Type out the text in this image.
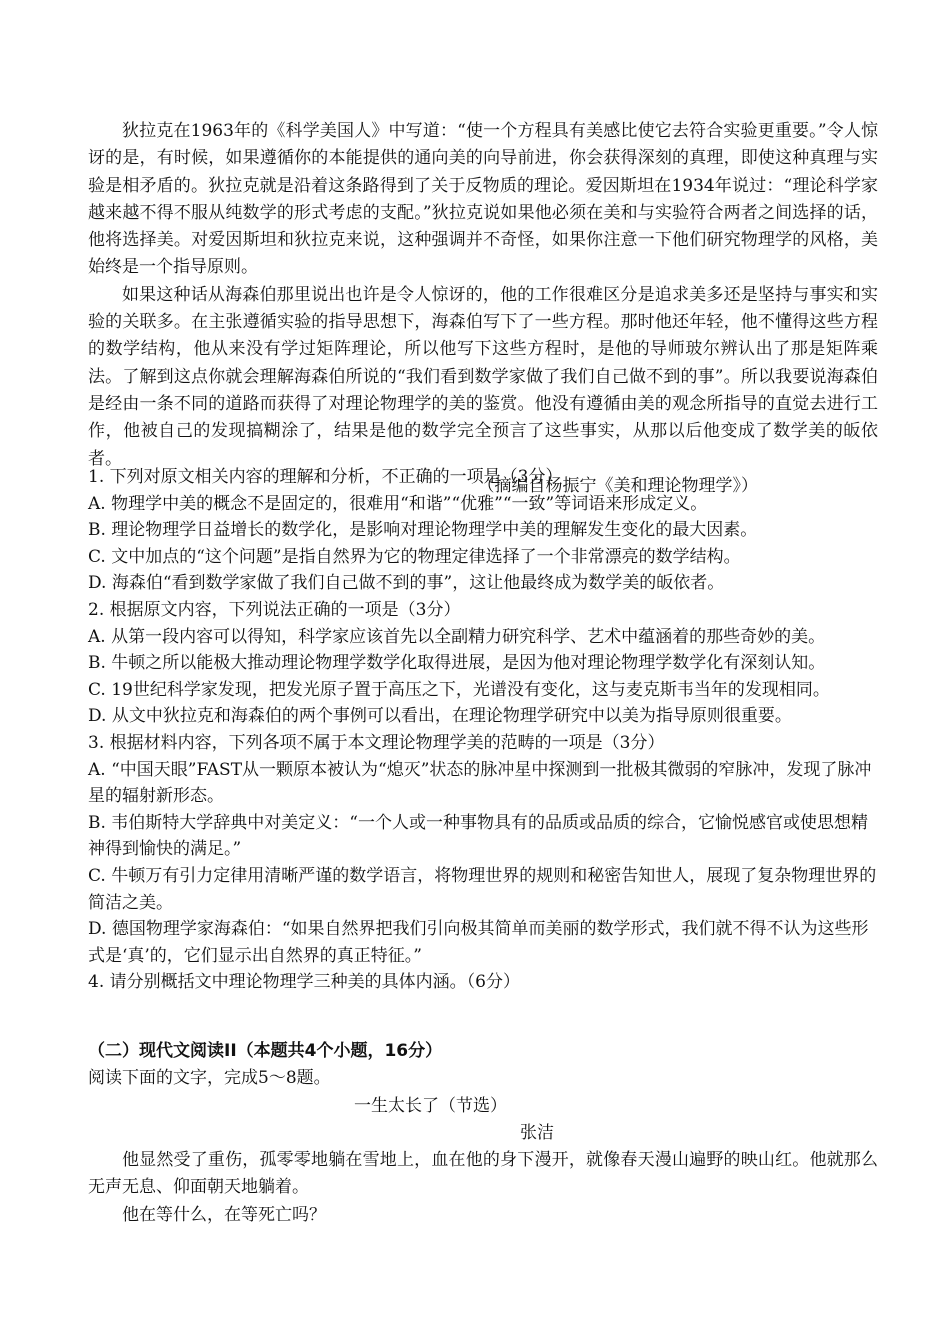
狄拉克在1963年的《科学美国人》中写道：“使一个方程具有美感比使它去符合实验更重要。”令人惊讶的是，有时候，如果遵循你的本能提供的通向美的向导前进，你会获得深刻的真理，即使这种真理与实验是相矛盾的。狄拉克就是沿着这条路得到了关于反物质的理论。爱因斯坦在1934年说过：“理论科学家越来越不得不服从纯数学的形式考虑的支配。”狄拉克说如果他必须在美和与实验符合两者之间选择的话，他将选择美。对爱因斯坦和狄拉克来说，这种强调并不奇怪，如果你注意一下他们研究物理学的风格，美始终是一个指导原则。

如果这种话从海森伯那里说出也许是令人惊讶的，他的工作很难区分是追求美多还是坚持与事实和实验的关联多。在主张遵循实验的指导思想下，海森伯写下了一些方程。那时他还年轻，他不懂得这些方程的数学结构，他从来没有学过矩阵理论，所以他写下这些方程时，是他的导师玻尔辨认出了那是矩阵乘法。了解到这点你就会理解海森伯所说的“我们看到数学家做了我们自己做不到的事”。所以我要说海森伯是经由一条不同的道路而获得了对理论物理学的美的鉴赏。他没有遵循由美的观念所指导的直觉去进行工作，他被自己的发现搞糊涂了，结果是他的数学完全预言了这些事实，从那以后他变成了数学美的皈依者。

（摘编自杨振宁《美和理论物理学》）

1. 下列对原文相关内容的理解和分析，不正确的一项是（3分）

A. 物理学中美的概念不是固定的，很难用“和谐”“优雅”“一致”等词语来形成定义。

B. 理论物理学日益增长的数学化，是影响对理论物理学中美的理解发生变化的最大因素。

C. 文中加点的“这个问题”是指自然界为它的物理定律选择了一个非常漂亮的数学结构。

D. 海森伯“看到数学家做了我们自己做不到的事”，这让他最终成为数学美的皈依者。

2. 根据原文内容，下列说法正确的一项是（3分）

A. 从第一段内容可以得知，科学家应该首先以全副精力研究科学、艺术中蕴涵着的那些奇妙的美。

B. 牛顿之所以能极大推动理论物理学数学化取得进展，是因为他对理论物理学数学化有深刻认知。

C. 19世纪科学家发现，把发光原子置于高压之下，光谱没有变化，这与麦克斯韦当年的发现相同。

D. 从文中狄拉克和海森伯的两个事例可以看出，在理论物理学研究中以美为指导原则很重要。

3. 根据材料内容，下列各项不属于本文理论物理学美的范畴的一项是（3分）

A. “中国天眼”FAST从一颗原本被认为“熄灭”状态的脉冲星中探测到一批极其微弱的窄脉冲，发现了脉冲星的辐射新形态。

B. 韦伯斯特大学辞典中对美定义：“一个人或一种事物具有的品质或品质的综合，它愉悦感官或使思想精神得到愉快的满足。”

C. 牛顿万有引力定律用清晰严谨的数学语言，将物理世界的规则和秘密告知世人，展现了复杂物理世界的简洁之美。

D. 德国物理学家海森伯：“如果自然界把我们引向极其简单而美丽的数学形式，我们就不得不认为这些形式是‘真’的，它们显示出自然界的真正特征。”

4. 请分别概括文中理论物理学三种美的具体内涵。（6分）

（二）现代文阅读II（本题共4个小题，16分）

阅读下面的文字，完成5～8题。

一生太长了（节选）

张洁

他显然受了重伤，孤零零地躺在雪地上，血在他的身下漫开，就像春天漫山遍野的映山红。他就那么无声无息、仰面朝天地躺着。

他在等什么，在等死亡吗？
